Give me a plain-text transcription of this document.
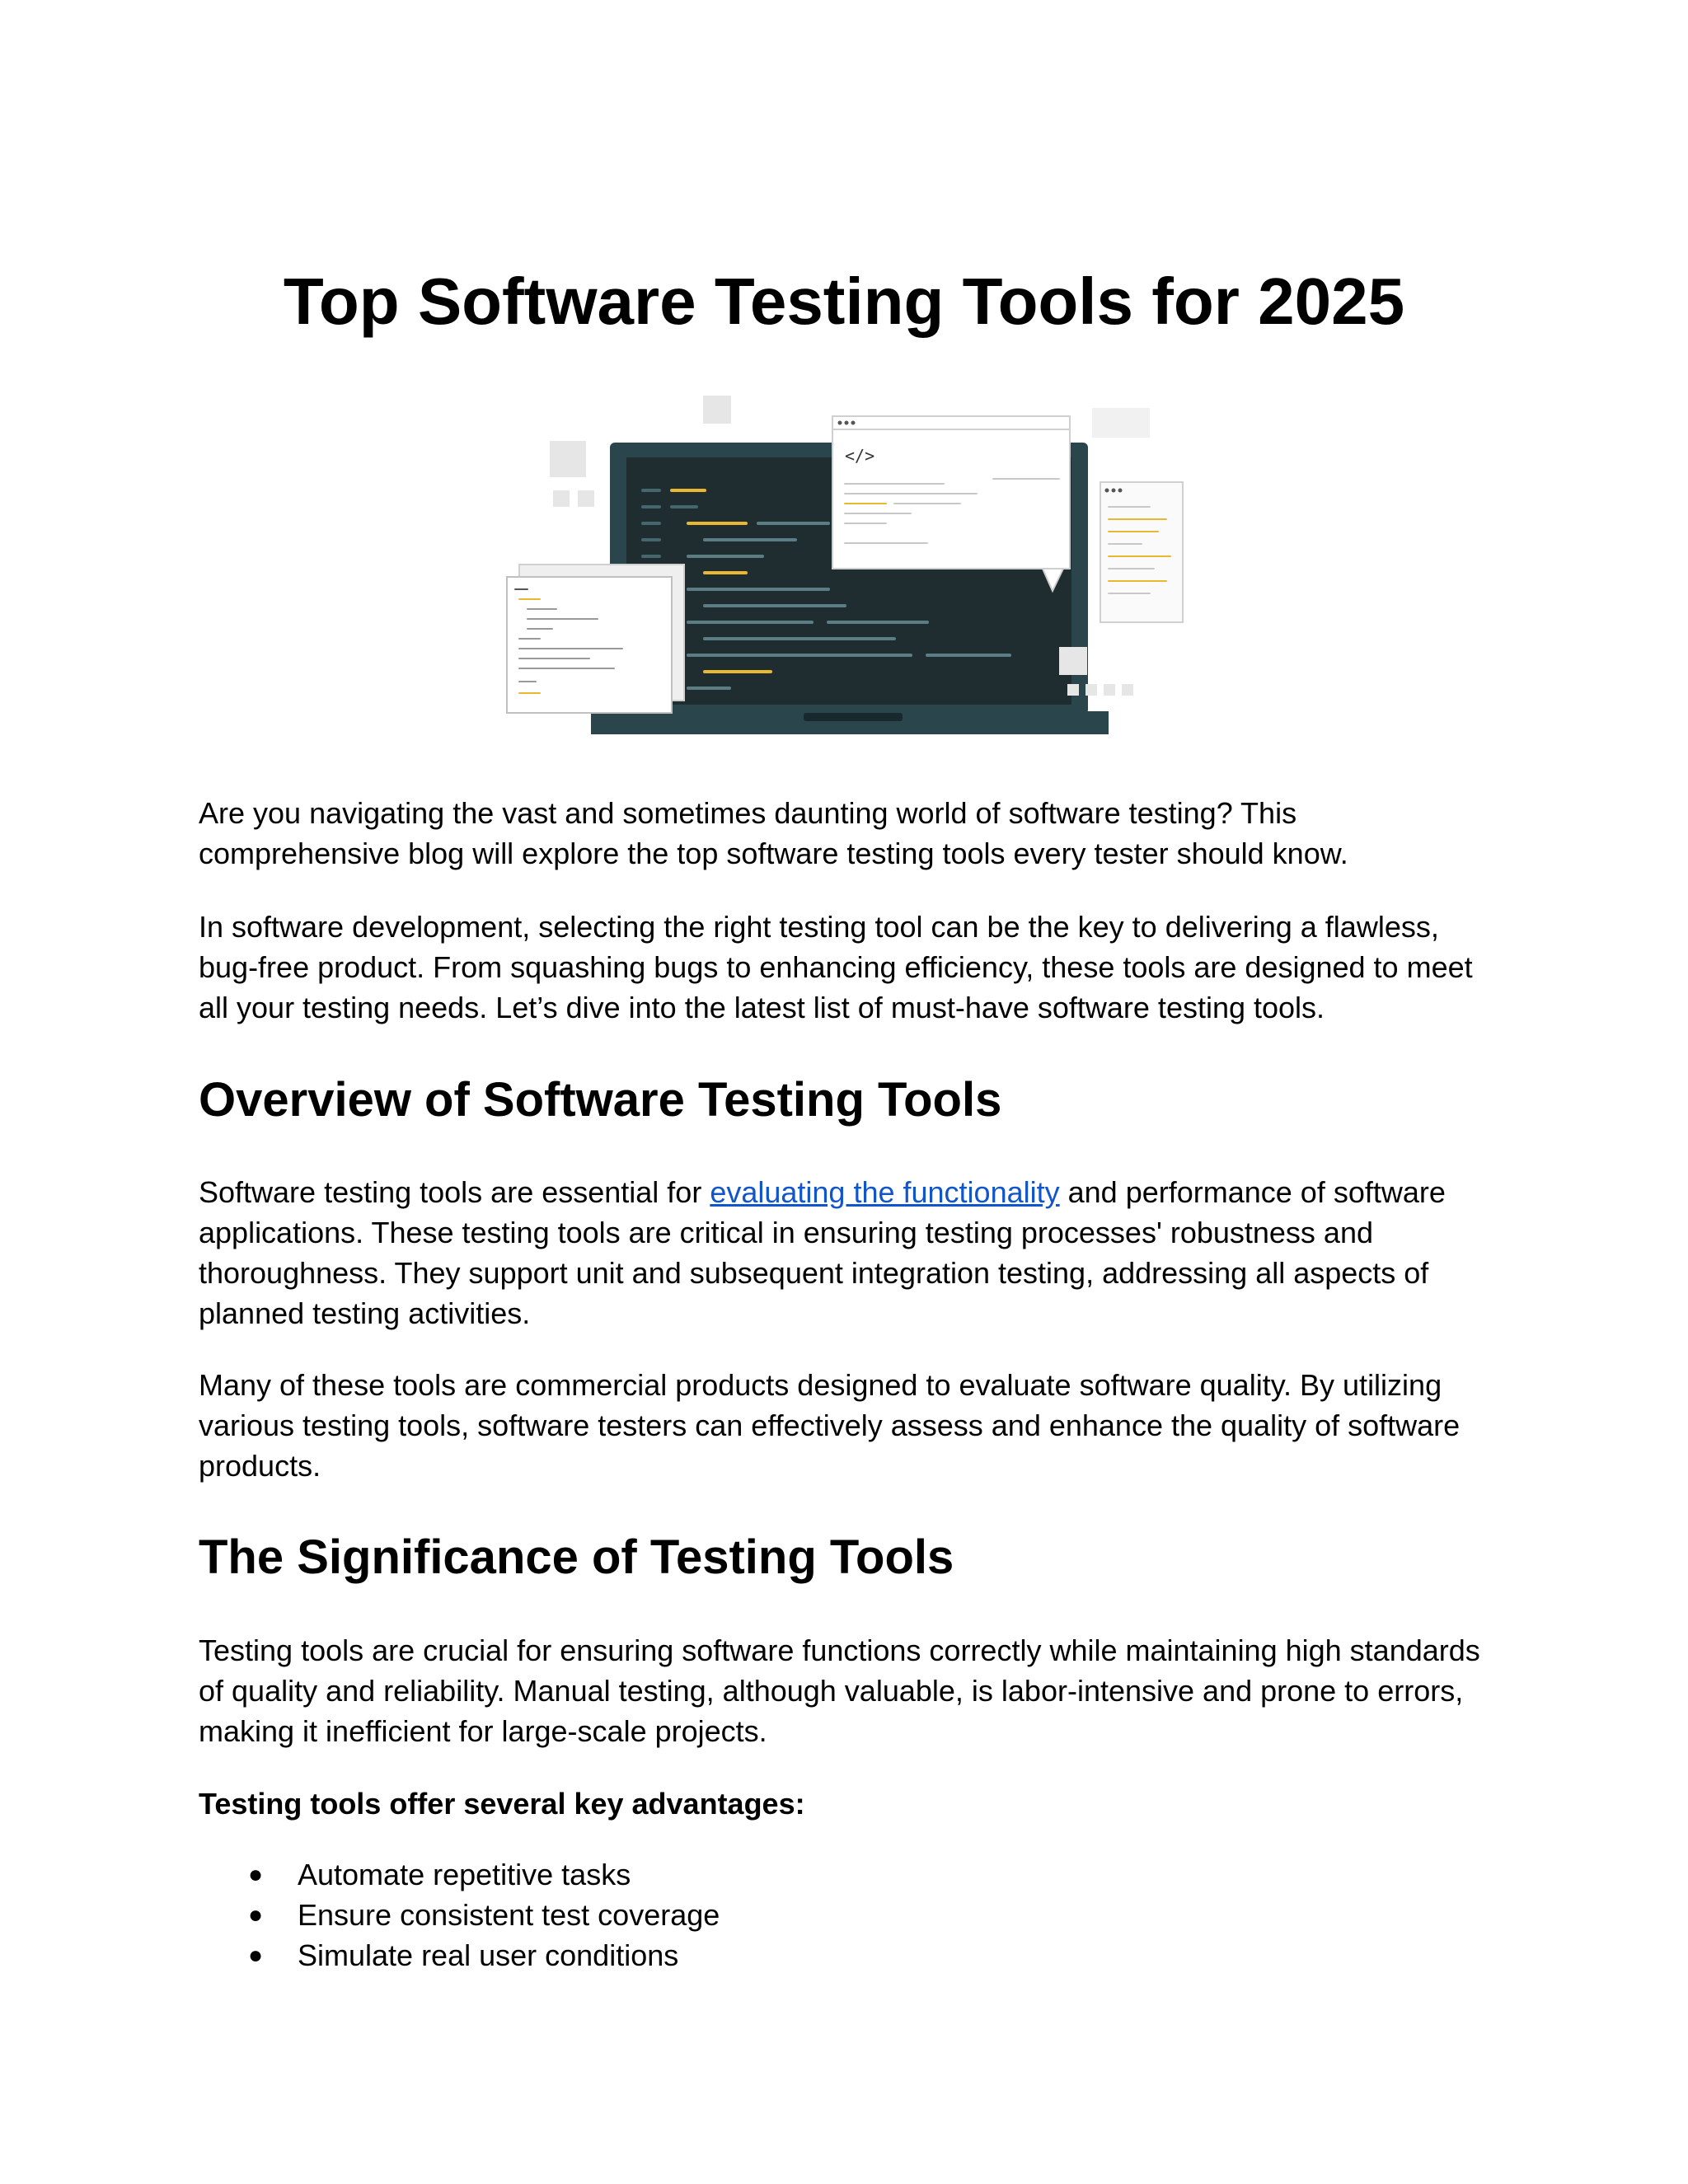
Top Software Testing Tools for 2025
</>

Are you navigating the vast and sometimes daunting world of software testing? This comprehensive blog will explore the top software testing tools every tester should know.

In software development, selecting the right testing tool can be the key to delivering a flawless, bug-free product. From squashing bugs to enhancing efficiency, these tools are designed to meet all your testing needs. Let’s dive into the latest list of must-have software testing tools.

Overview of Software Testing Tools

Software testing tools are essential for evaluating the functionality and performance of software applications. These testing tools are critical in ensuring testing processes' robustness and thoroughness. They support unit and subsequent integration testing, addressing all aspects of planned testing activities.

Many of these tools are commercial products designed to evaluate software quality. By utilizing various testing tools, software testers can effectively assess and enhance the quality of software products.

The Significance of Testing Tools

Testing tools are crucial for ensuring software functions correctly while maintaining high standards of quality and reliability. Manual testing, although valuable, is labor-intensive and prone to errors, making it inefficient for large-scale projects.

Testing tools offer several key advantages:

● Automate repetitive tasks
● Ensure consistent test coverage
● Simulate real user conditions
